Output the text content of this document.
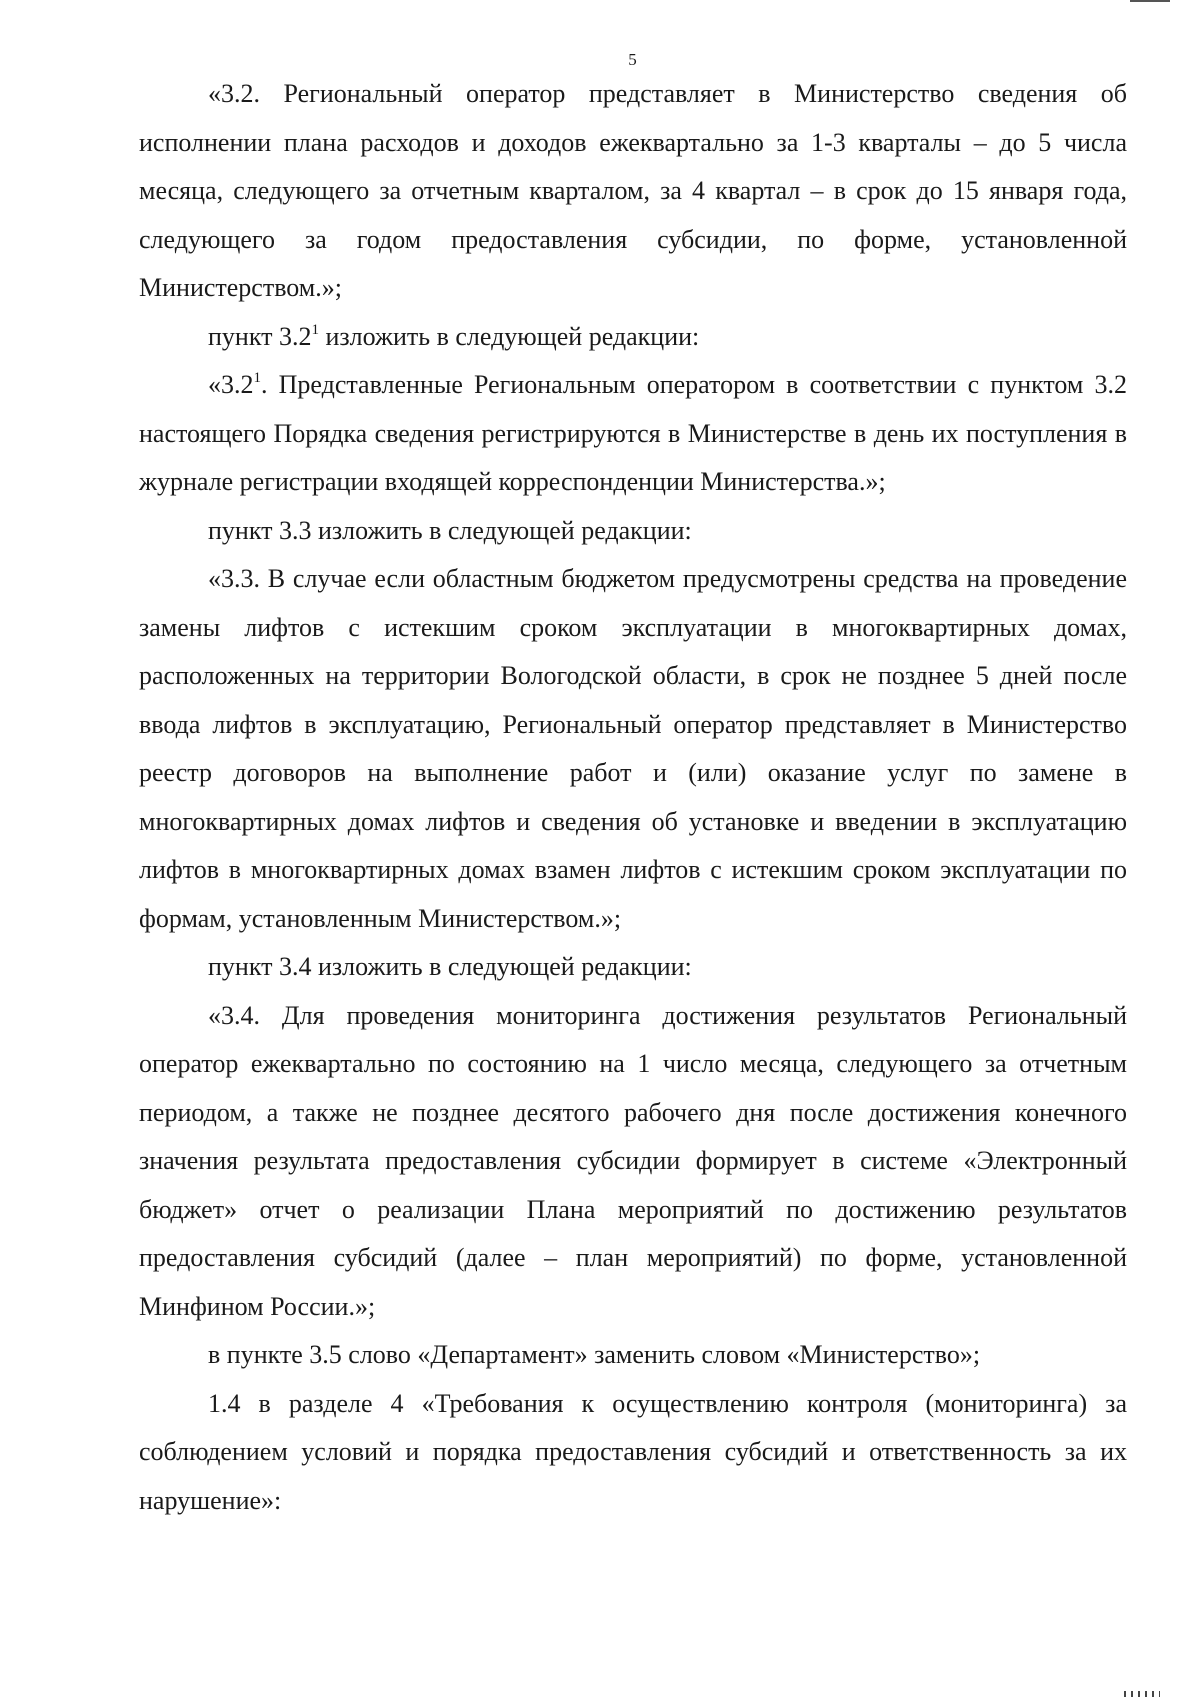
5

«3.2. Региональный оператор представляет в Министерство сведения об исполнении плана расходов и доходов ежеквартально за 1-3 кварталы – до 5 числа месяца, следующего за отчетным кварталом, за 4 квартал – в срок до 15 января года, следующего за годом предоставления субсидии, по форме, установленной Министерством.»;

пункт $3.2^1$ изложить в следующей редакции:

«$3.2^1$. Представленные Региональным оператором в соответствии с пунктом 3.2 настоящего Порядка сведения регистрируются в Министерстве в день их поступления в журнале регистрации входящей корреспонденции Министерства.»;

пункт 3.3 изложить в следующей редакции:

«3.3. В случае если областным бюджетом предусмотрены средства на проведение замены лифтов с истекшим сроком эксплуатации в многоквартирных домах, расположенных на территории Вологодской области, в срок не позднее 5 дней после ввода лифтов в эксплуатацию, Региональный оператор представляет в Министерство реестр договоров на выполнение работ и (или) оказание услуг по замене в многоквартирных домах лифтов и сведения об установке и введении в эксплуатацию лифтов в многоквартирных домах взамен лифтов с истекшим сроком эксплуатации по формам, установленным Министерством.»;

пункт 3.4 изложить в следующей редакции:

«3.4. Для проведения мониторинга достижения результатов Региональный оператор ежеквартально по состоянию на 1 число месяца, следующего за отчетным периодом, а также не позднее десятого рабочего дня после достижения конечного значения результата предоставления субсидии формирует в системе «Электронный бюджет» отчет о реализации Плана мероприятий по достижению результатов предоставления субсидий (далее – план мероприятий) по форме, установленной Минфином России.»;

в пункте 3.5 слово «Департамент» заменить словом «Министерство»;

1.4 в разделе 4 «Требования к осуществлению контроля (мониторинга) за соблюдением условий и порядка предоставления субсидий и ответственность за их нарушение»:
